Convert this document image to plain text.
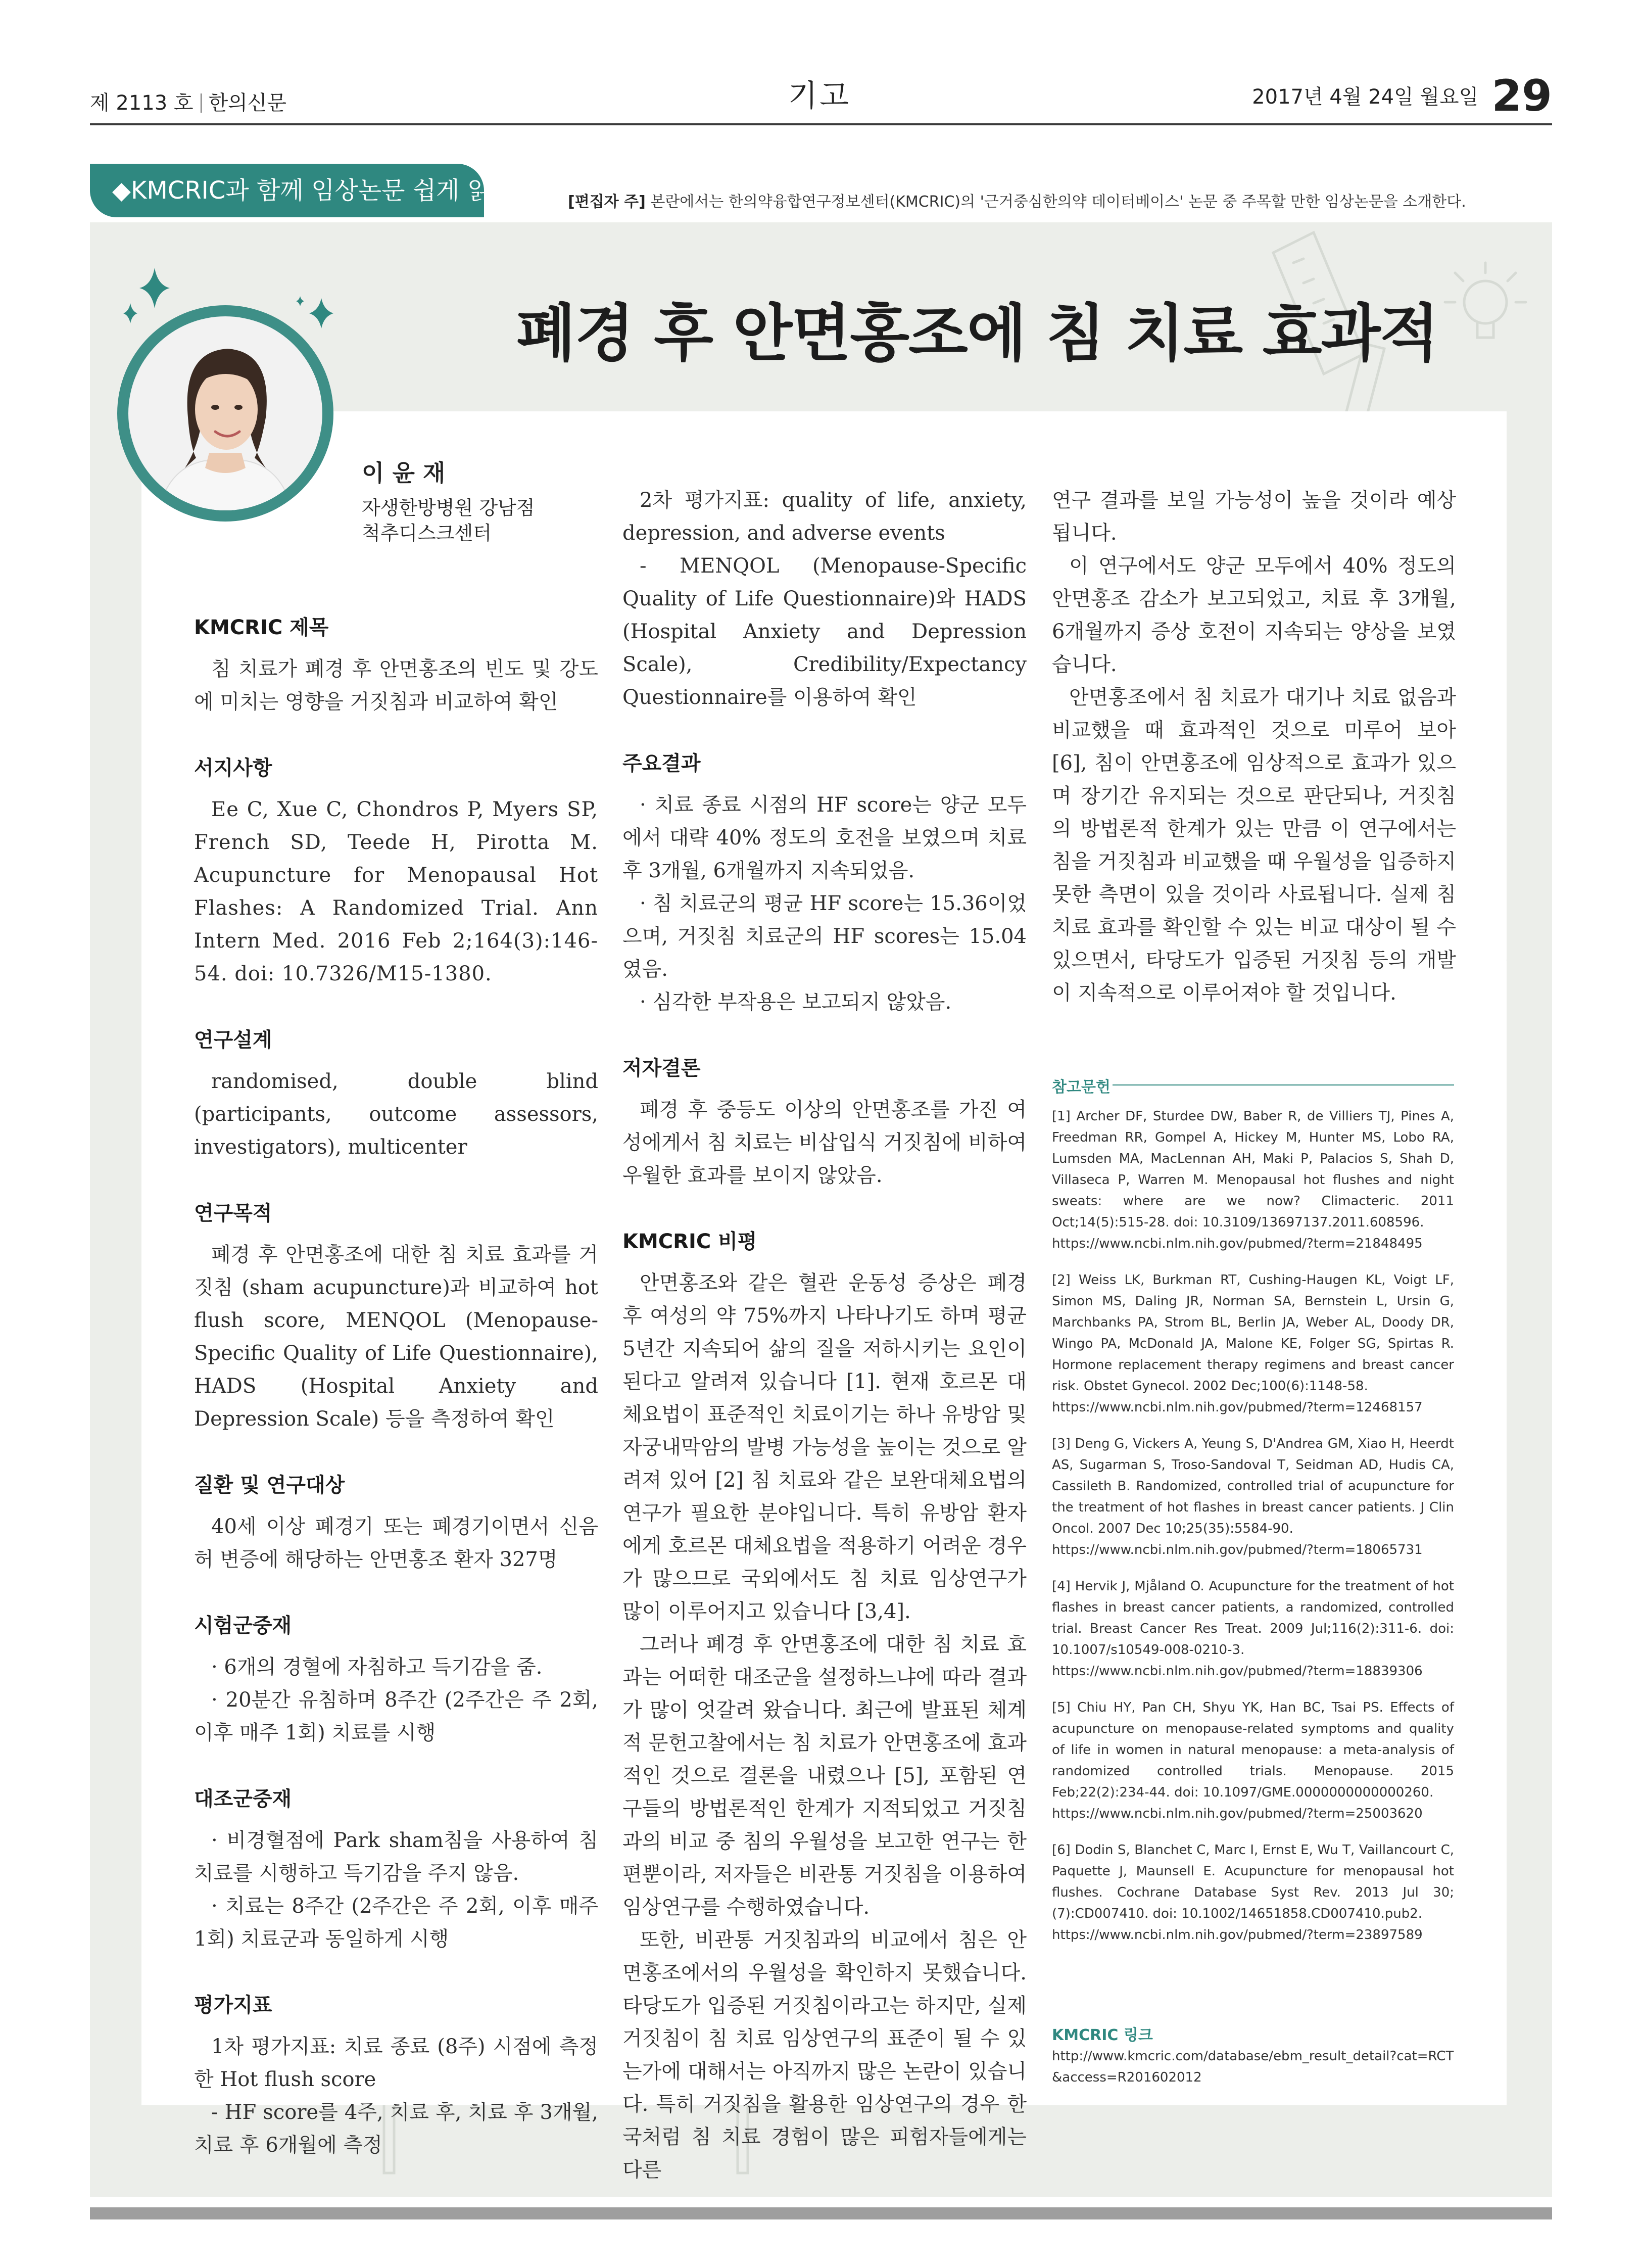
제 2113 호 한의신문	기고	2017년 4월 24일 월요일 29
◆KMCRIC과 함께 임상논문 쉽게 읽기	[편집자 주] 본란에서는 한의약융합연구정보센터(KMCRIC)의 '근거중심한의약 데이터베이스' 논문 중 주목할 만한 임상논문을 소개한다.
폐경 후 안면홍조에 침 치료 효과적
이 윤 재
자생한방병원 강남점
척추디스크센터
KMCRIC 제목

침 치료가 폐경 후 안면홍조의 빈도 및 강도에 미치는 영향을 거짓침과 비교하여 확인

서지사항

Ee C, Xue C, Chondros P, Myers SP, French SD, Teede H, Pirotta M. Acupuncture for Menopausal Hot Flashes: A Randomized Trial. Ann Intern Med. 2016 Feb 2;164(3):146-54. doi: 10.7326/M15-1380.

연구설계

randomised, double blind (participants, outcome assessors, investigators), multicenter

연구목적

폐경 후 안면홍조에 대한 침 치료 효과를 거짓침 (sham acupuncture)과 비교하여 hot flush score, MENQOL (Menopause-Specific Quality of Life Questionnaire), HADS (Hospital Anxiety and Depression Scale) 등을 측정하여 확인

질환 및 연구대상

40세 이상 폐경기 또는 폐경기이면서 신음허 변증에 해당하는 안면홍조 환자 327명

시험군중재

· 6개의 경혈에 자침하고 득기감을 줌.

· 20분간 유침하며 8주간 (2주간은 주 2회, 이후 매주 1회) 치료를 시행

대조군중재

· 비경혈점에 Park sham침을 사용하여 침 치료를 시행하고 득기감을 주지 않음.

· 치료는 8주간 (2주간은 주 2회, 이후 매주 1회) 치료군과 동일하게 시행

평가지표

1차 평가지표: 치료 종료 (8주) 시점에 측정한 Hot flush score

- HF score를 4주, 치료 후, 치료 후 3개월, 치료 후 6개월에 측정

2차 평가지표: quality of life, anxiety, depression, and adverse events

- MENQOL (Menopause-Specific Quality of Life Questionnaire)와 HADS (Hospital Anxiety and Depression Scale), Credibility/Expectancy Questionnaire를 이용하여 확인

주요결과

· 치료 종료 시점의 HF score는 양군 모두에서 대략 40% 정도의 호전을 보였으며 치료 후 3개월, 6개월까지 지속되었음.

· 침 치료군의 평균 HF score는 15.36이었으며, 거짓침 치료군의 HF scores는 15.04였음.

· 심각한 부작용은 보고되지 않았음.

저자결론

폐경 후 중등도 이상의 안면홍조를 가진 여성에게서 침 치료는 비삽입식 거짓침에 비하여 우월한 효과를 보이지 않았음.

KMCRIC 비평

안면홍조와 같은 혈관 운동성 증상은 폐경 후 여성의 약 75%까지 나타나기도 하며 평균 5년간 지속되어 삶의 질을 저하시키는 요인이 된다고 알려져 있습니다 [1]. 현재 호르몬 대체요법이 표준적인 치료이기는 하나 유방암 및 자궁내막암의 발병 가능성을 높이는 것으로 알려져 있어 [2] 침 치료와 같은 보완대체요법의 연구가 필요한 분야입니다. 특히 유방암 환자에게 호르몬 대체요법을 적용하기 어려운 경우가 많으므로 국외에서도 침 치료 임상연구가 많이 이루어지고 있습니다 [3,4].

그러나 폐경 후 안면홍조에 대한 침 치료 효과는 어떠한 대조군을 설정하느냐에 따라 결과가 많이 엇갈려 왔습니다. 최근에 발표된 체계적 문헌고찰에서는 침 치료가 안면홍조에 효과적인 것으로 결론을 내렸으나 [5], 포함된 연구들의 방법론적인 한계가 지적되었고 거짓침과의 비교 중 침의 우월성을 보고한 연구는 한 편뿐이라, 저자들은 비관통 거짓침을 이용하여 임상연구를 수행하였습니다.

또한, 비관통 거짓침과의 비교에서 침은 안면홍조에서의 우월성을 확인하지 못했습니다. 타당도가 입증된 거짓침이라고는 하지만, 실제 거짓침이 침 치료 임상연구의 표준이 될 수 있는가에 대해서는 아직까지 많은 논란이 있습니다. 특히 거짓침을 활용한 임상연구의 경우 한국처럼 침 치료 경험이 많은 피험자들에게는 다른

연구 결과를 보일 가능성이 높을 것이라 예상됩니다.

이 연구에서도 양군 모두에서 40% 정도의 안면홍조 감소가 보고되었고, 치료 후 3개월, 6개월까지 증상 호전이 지속되는 양상을 보였습니다.

안면홍조에서 침 치료가 대기나 치료 없음과 비교했을 때 효과적인 것으로 미루어 보아 [6], 침이 안면홍조에 임상적으로 효과가 있으며 장기간 유지되는 것으로 판단되나, 거짓침의 방법론적 한계가 있는 만큼 이 연구에서는 침을 거짓침과 비교했을 때 우월성을 입증하지 못한 측면이 있을 것이라 사료됩니다. 실제 침 치료 효과를 확인할 수 있는 비교 대상이 될 수 있으면서, 타당도가 입증된 거짓침 등의 개발이 지속적으로 이루어져야 할 것입니다.

참고문헌
[1] Archer DF, Sturdee DW, Baber R, de Villiers TJ, Pines A, Freedman RR, Gompel A, Hickey M, Hunter MS, Lobo RA, Lumsden MA, MacLennan AH, Maki P, Palacios S, Shah D, Villaseca P, Warren M. Menopausal hot flushes and night sweats: where are we now? Climacteric. 2011 Oct;14(5):515-28. doi: 10.3109/13697137.2011.608596.
https://www.ncbi.nlm.nih.gov/pubmed/?term=21848495
[2] Weiss LK, Burkman RT, Cushing-Haugen KL, Voigt LF, Simon MS, Daling JR, Norman SA, Bernstein L, Ursin G, Marchbanks PA, Strom BL, Berlin JA, Weber AL, Doody DR, Wingo PA, McDonald JA, Malone KE, Folger SG, Spirtas R. Hormone replacement therapy regimens and breast cancer risk. Obstet Gynecol. 2002 Dec;100(6):1148-58.
https://www.ncbi.nlm.nih.gov/pubmed/?term=12468157
[3] Deng G, Vickers A, Yeung S, D'Andrea GM, Xiao H, Heerdt AS, Sugarman S, Troso-Sandoval T, Seidman AD, Hudis CA, Cassileth B. Randomized, controlled trial of acupuncture for the treatment of hot flashes in breast cancer patients. J Clin Oncol. 2007 Dec 10;25(35):5584-90.
https://www.ncbi.nlm.nih.gov/pubmed/?term=18065731
[4] Hervik J, Mjåland O. Acupuncture for the treatment of hot flashes in breast cancer patients, a randomized, controlled trial. Breast Cancer Res Treat. 2009 Jul;116(2):311-6. doi: 10.1007/s10549-008-0210-3.
https://www.ncbi.nlm.nih.gov/pubmed/?term=18839306
[5] Chiu HY, Pan CH, Shyu YK, Han BC, Tsai PS. Effects of acupuncture on menopause-related symptoms and quality of life in women in natural menopause: a meta-analysis of randomized controlled trials. Menopause. 2015 Feb;22(2):234-44. doi: 10.1097/GME.0000000000000260.
https://www.ncbi.nlm.nih.gov/pubmed/?term=25003620
[6] Dodin S, Blanchet C, Marc I, Ernst E, Wu T, Vaillancourt C, Paquette J, Maunsell E. Acupuncture for menopausal hot flushes. Cochrane Database Syst Rev. 2013 Jul 30;(7):CD007410. doi: 10.1002/14651858.CD007410.pub2.
https://www.ncbi.nlm.nih.gov/pubmed/?term=23897589
KMCRIC 링크
http://www.kmcric.com/database/ebm_result_detail?cat=RCT&access=R201602012
